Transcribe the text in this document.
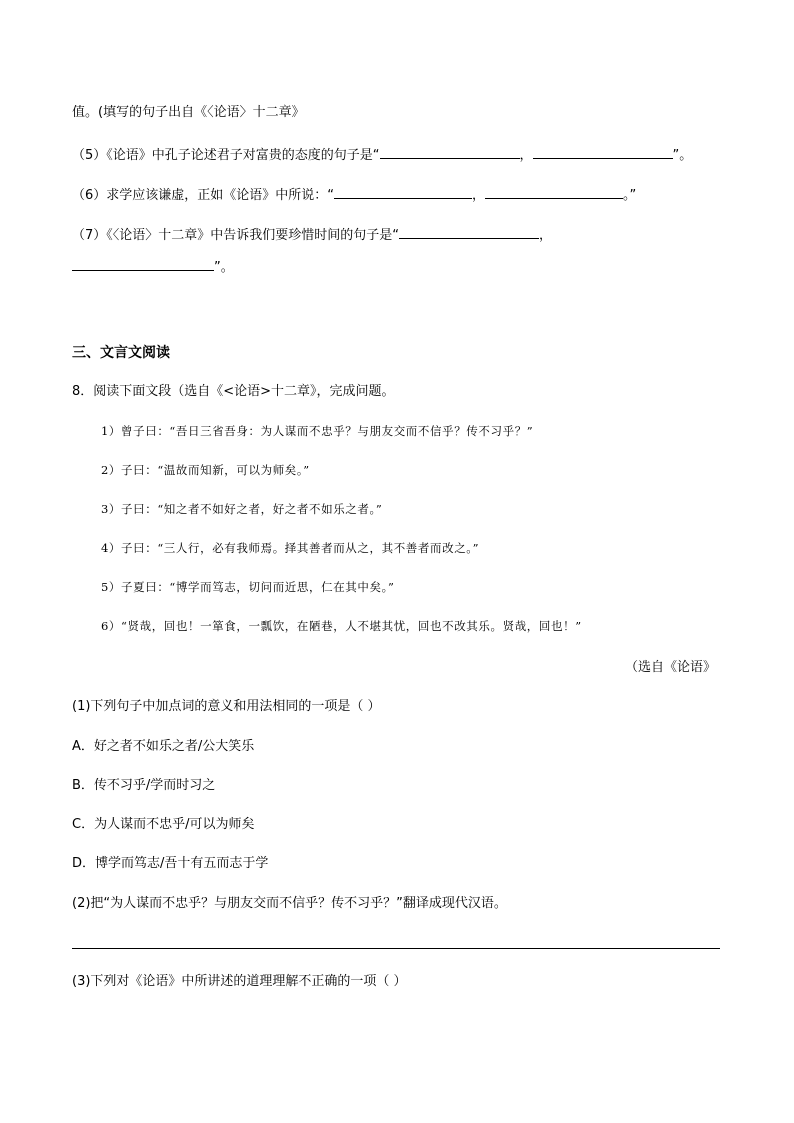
值。(填写的句子出自《〈论语〉十二章》
（5）《论语》中孔子论述君子对富贵的态度的句子是“	，	”。
（6）求学应该谦虚，正如《论语》中所说：“	，	。”
（7）《〈论语〉十二章》中告诉我们要珍惜时间的句子是“	，
”。
三、文言文阅读
8．阅读下面文段（选自《<论语>十二章》，完成问题。
1）曾子曰：“吾日三省吾身：为人谋而不忠乎？与朋友交而不信乎？传不习乎？”
2）子曰：“温故而知新，可以为师矣。”
3）子曰：“知之者不如好之者，好之者不如乐之者。”
4）子曰：“三人行，必有我师焉。择其善者而从之，其不善者而改之。”
5）子夏曰：“博学而笃志，切问而近思，仁在其中矣。”
6）“贤哉，回也！一箪食，一瓢饮，在陋巷，人不堪其忧，回也不改其乐。贤哉，回也！”
（选自《论语》
(1)下列句子中加点词的意义和用法相同的一项是（ ）
A．好之者不如乐之者/公大笑乐
B．传不习乎/学而时习之
C．为人谋而不忠乎/可以为师矣
D．博学而笃志/吾十有五而志于学
(2)把“为人谋而不忠乎？与朋友交而不信乎？传不习乎？”翻译成现代汉语。
(3)下列对《论语》中所讲述的道理理解不正确的一项（ ）
